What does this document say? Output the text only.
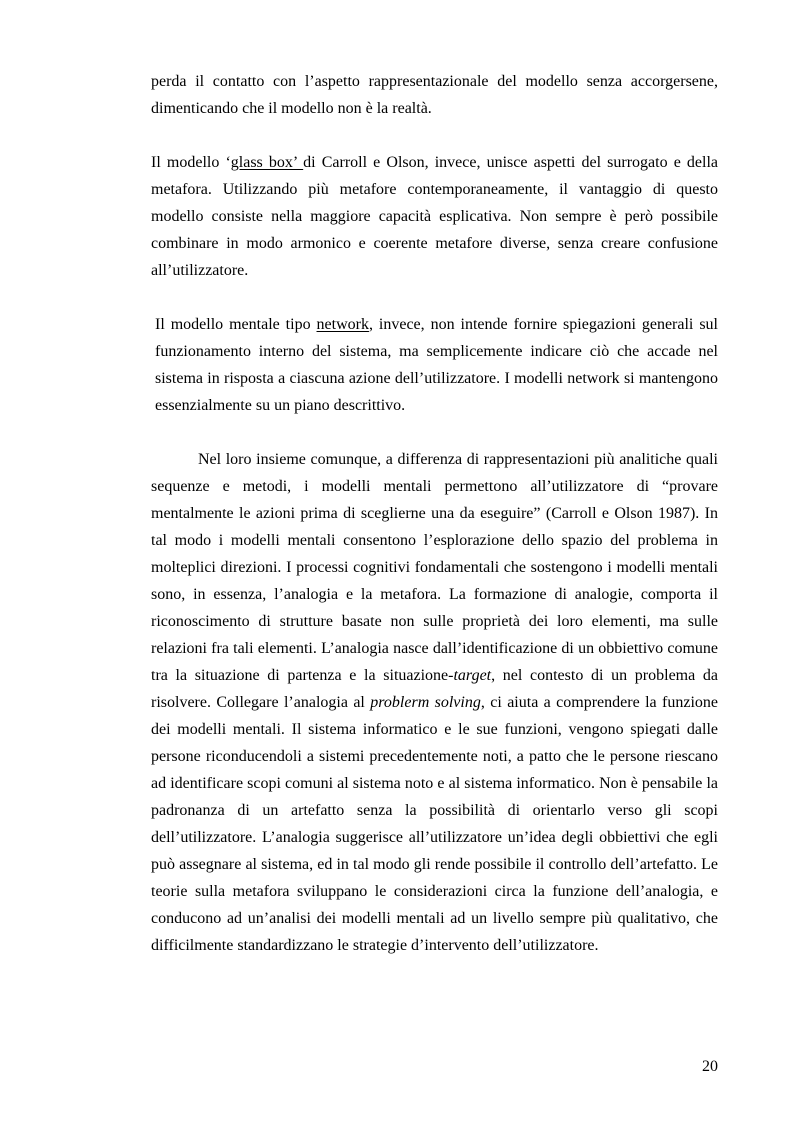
perda il contatto con l’aspetto rappresentazionale del modello senza accorgersene, dimenticando che il modello non è la realtà.

Il modello ‘glass box’ di Carroll e Olson, invece, unisce aspetti del surrogato e della metafora. Utilizzando più metafore contemporaneamente, il vantaggio di questo modello consiste nella maggiore capacità esplicativa. Non sempre è però possibile combinare in modo armonico e coerente metafore diverse, senza creare confusione all’utilizzatore.

Il modello mentale tipo network, invece, non intende fornire spiegazioni generali sul funzionamento interno del sistema, ma semplicemente indicare ciò che accade nel sistema in risposta a ciascuna azione dell’utilizzatore. I modelli network si mantengono essenzialmente su un piano descrittivo.

Nel loro insieme comunque, a differenza di rappresentazioni più analitiche quali sequenze e metodi, i modelli mentali permettono all’utilizzatore di “provare mentalmente le azioni prima di sceglierne una da eseguire” (Carroll e Olson 1987). In tal modo i modelli mentali consentono l’esplorazione dello spazio del problema in molteplici direzioni. I processi cognitivi fondamentali che sostengono i modelli mentali sono, in essenza, l’analogia e la metafora. La formazione di analogie, comporta il riconoscimento di strutture basate non sulle proprietà dei loro elementi, ma sulle relazioni fra tali elementi. L’analogia nasce dall’identificazione di un obbiettivo comune tra la situazione di partenza e la situazione-target, nel contesto di un problema da risolvere. Collegare l’analogia al problerm solving, ci aiuta a comprendere la funzione dei modelli mentali. Il sistema informatico e le sue funzioni, vengono spiegati dalle persone riconducendoli a sistemi precedentemente noti, a patto che le persone riescano ad identificare scopi comuni al sistema noto e al sistema informatico. Non è pensabile la padronanza di un artefatto senza la possibilità di orientarlo verso gli scopi dell’utilizzatore. L’analogia suggerisce all’utilizzatore un’idea degli obbiettivi che egli può assegnare al sistema, ed in tal modo gli rende possibile il controllo dell’artefatto. Le teorie sulla metafora sviluppano le considerazioni circa la funzione dell’analogia, e conducono ad un’analisi dei modelli mentali ad un livello sempre più qualitativo, che difficilmente standardizzano le strategie d’intervento dell’utilizzatore.

20
